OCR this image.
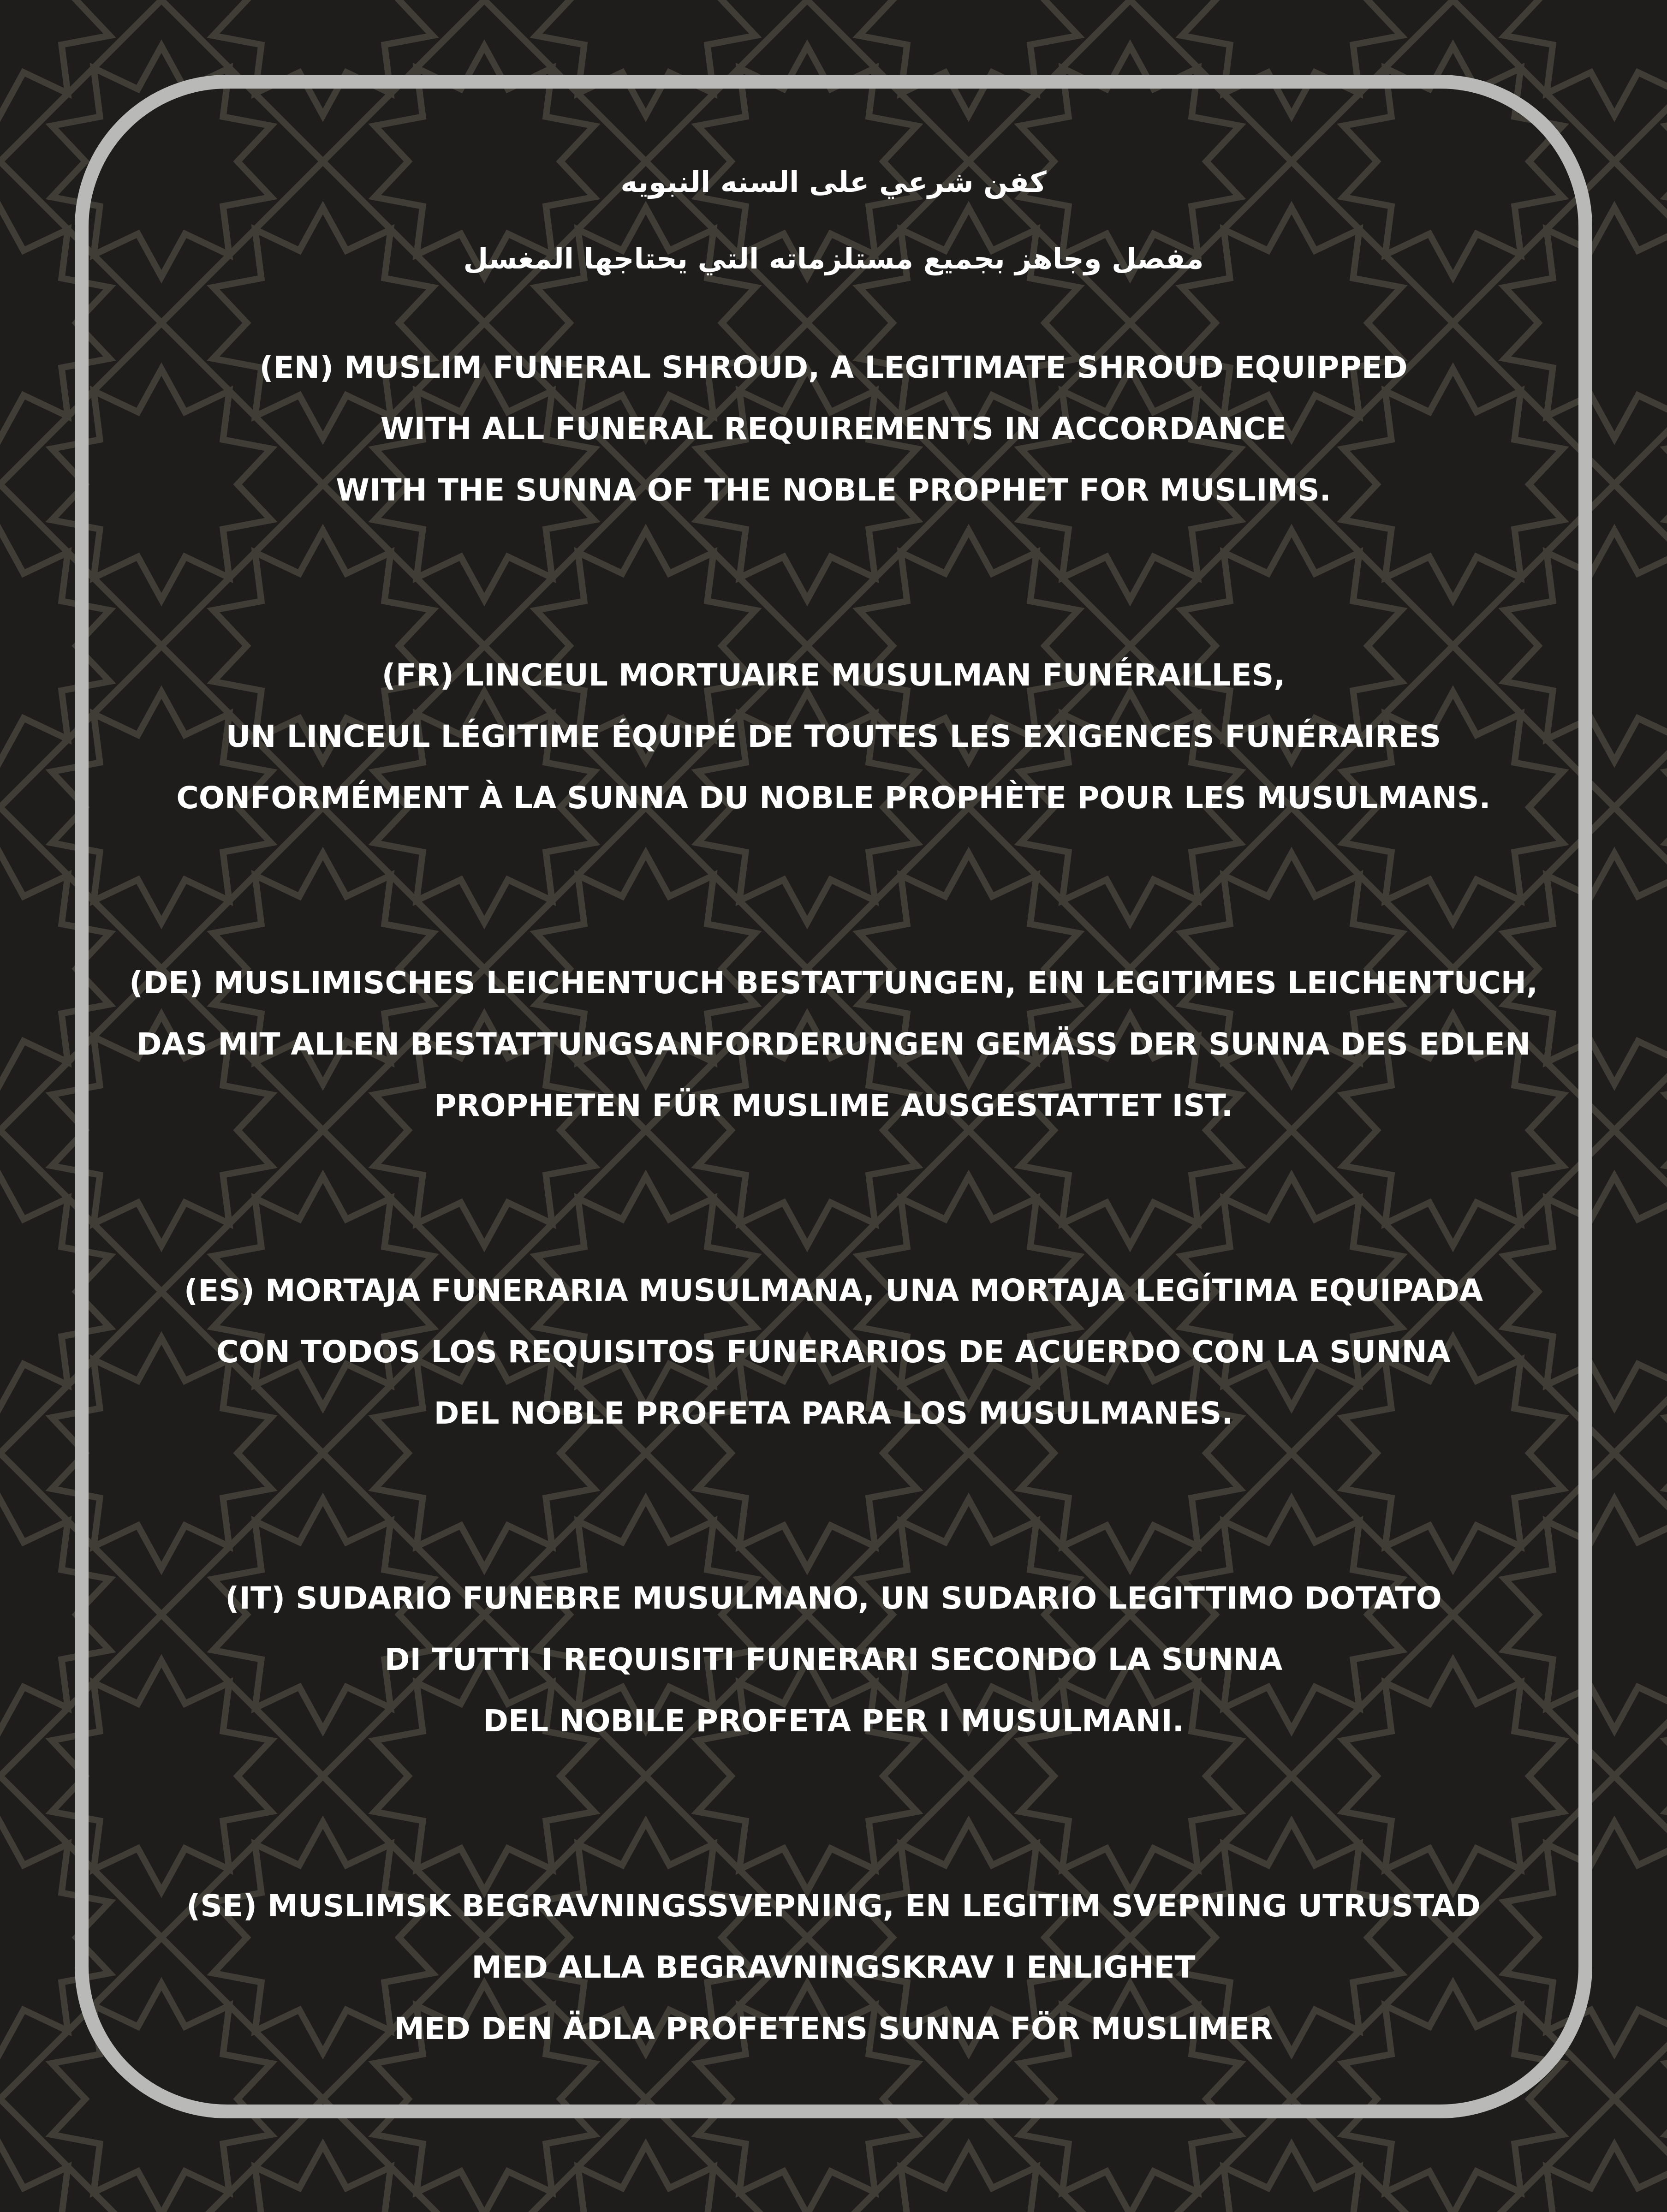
كفن شرعي على السنه النبويه
مفصل وجاهز بجميع مستلزماته التي يحتاجها المغسل
(EN) MUSLIM FUNERAL SHROUD, A LEGITIMATE SHROUD EQUIPPED
WITH ALL FUNERAL REQUIREMENTS IN ACCORDANCE
WITH THE SUNNA OF THE NOBLE PROPHET FOR MUSLIMS.
(FR) LINCEUL MORTUAIRE MUSULMAN FUNÉRAILLES,
UN LINCEUL LÉGITIME ÉQUIPÉ DE TOUTES LES EXIGENCES FUNÉRAIRES
CONFORMÉMENT À LA SUNNA DU NOBLE PROPHÈTE POUR LES MUSULMANS.
(DE) MUSLIMISCHES LEICHENTUCH BESTATTUNGEN, EIN LEGITIMES LEICHENTUCH,
DAS MIT ALLEN BESTATTUNGSANFORDERUNGEN GEMÄSS DER SUNNA DES EDLEN
PROPHETEN FÜR MUSLIME AUSGESTATTET IST.
(ES) MORTAJA FUNERARIA MUSULMANA, UNA MORTAJA LEGÍTIMA EQUIPADA
CON TODOS LOS REQUISITOS FUNERARIOS DE ACUERDO CON LA SUNNA
DEL NOBLE PROFETA PARA LOS MUSULMANES.
(IT) SUDARIO FUNEBRE MUSULMANO, UN SUDARIO LEGITTIMO DOTATO
DI TUTTI I REQUISITI FUNERARI SECONDO LA SUNNA
DEL NOBILE PROFETA PER I MUSULMANI.
(SE) MUSLIMSK BEGRAVNINGSSVEPNING, EN LEGITIM SVEPNING UTRUSTAD
MED ALLA BEGRAVNINGSKRAV I ENLIGHET
MED DEN ÄDLA PROFETENS SUNNA FÖR MUSLIMER
